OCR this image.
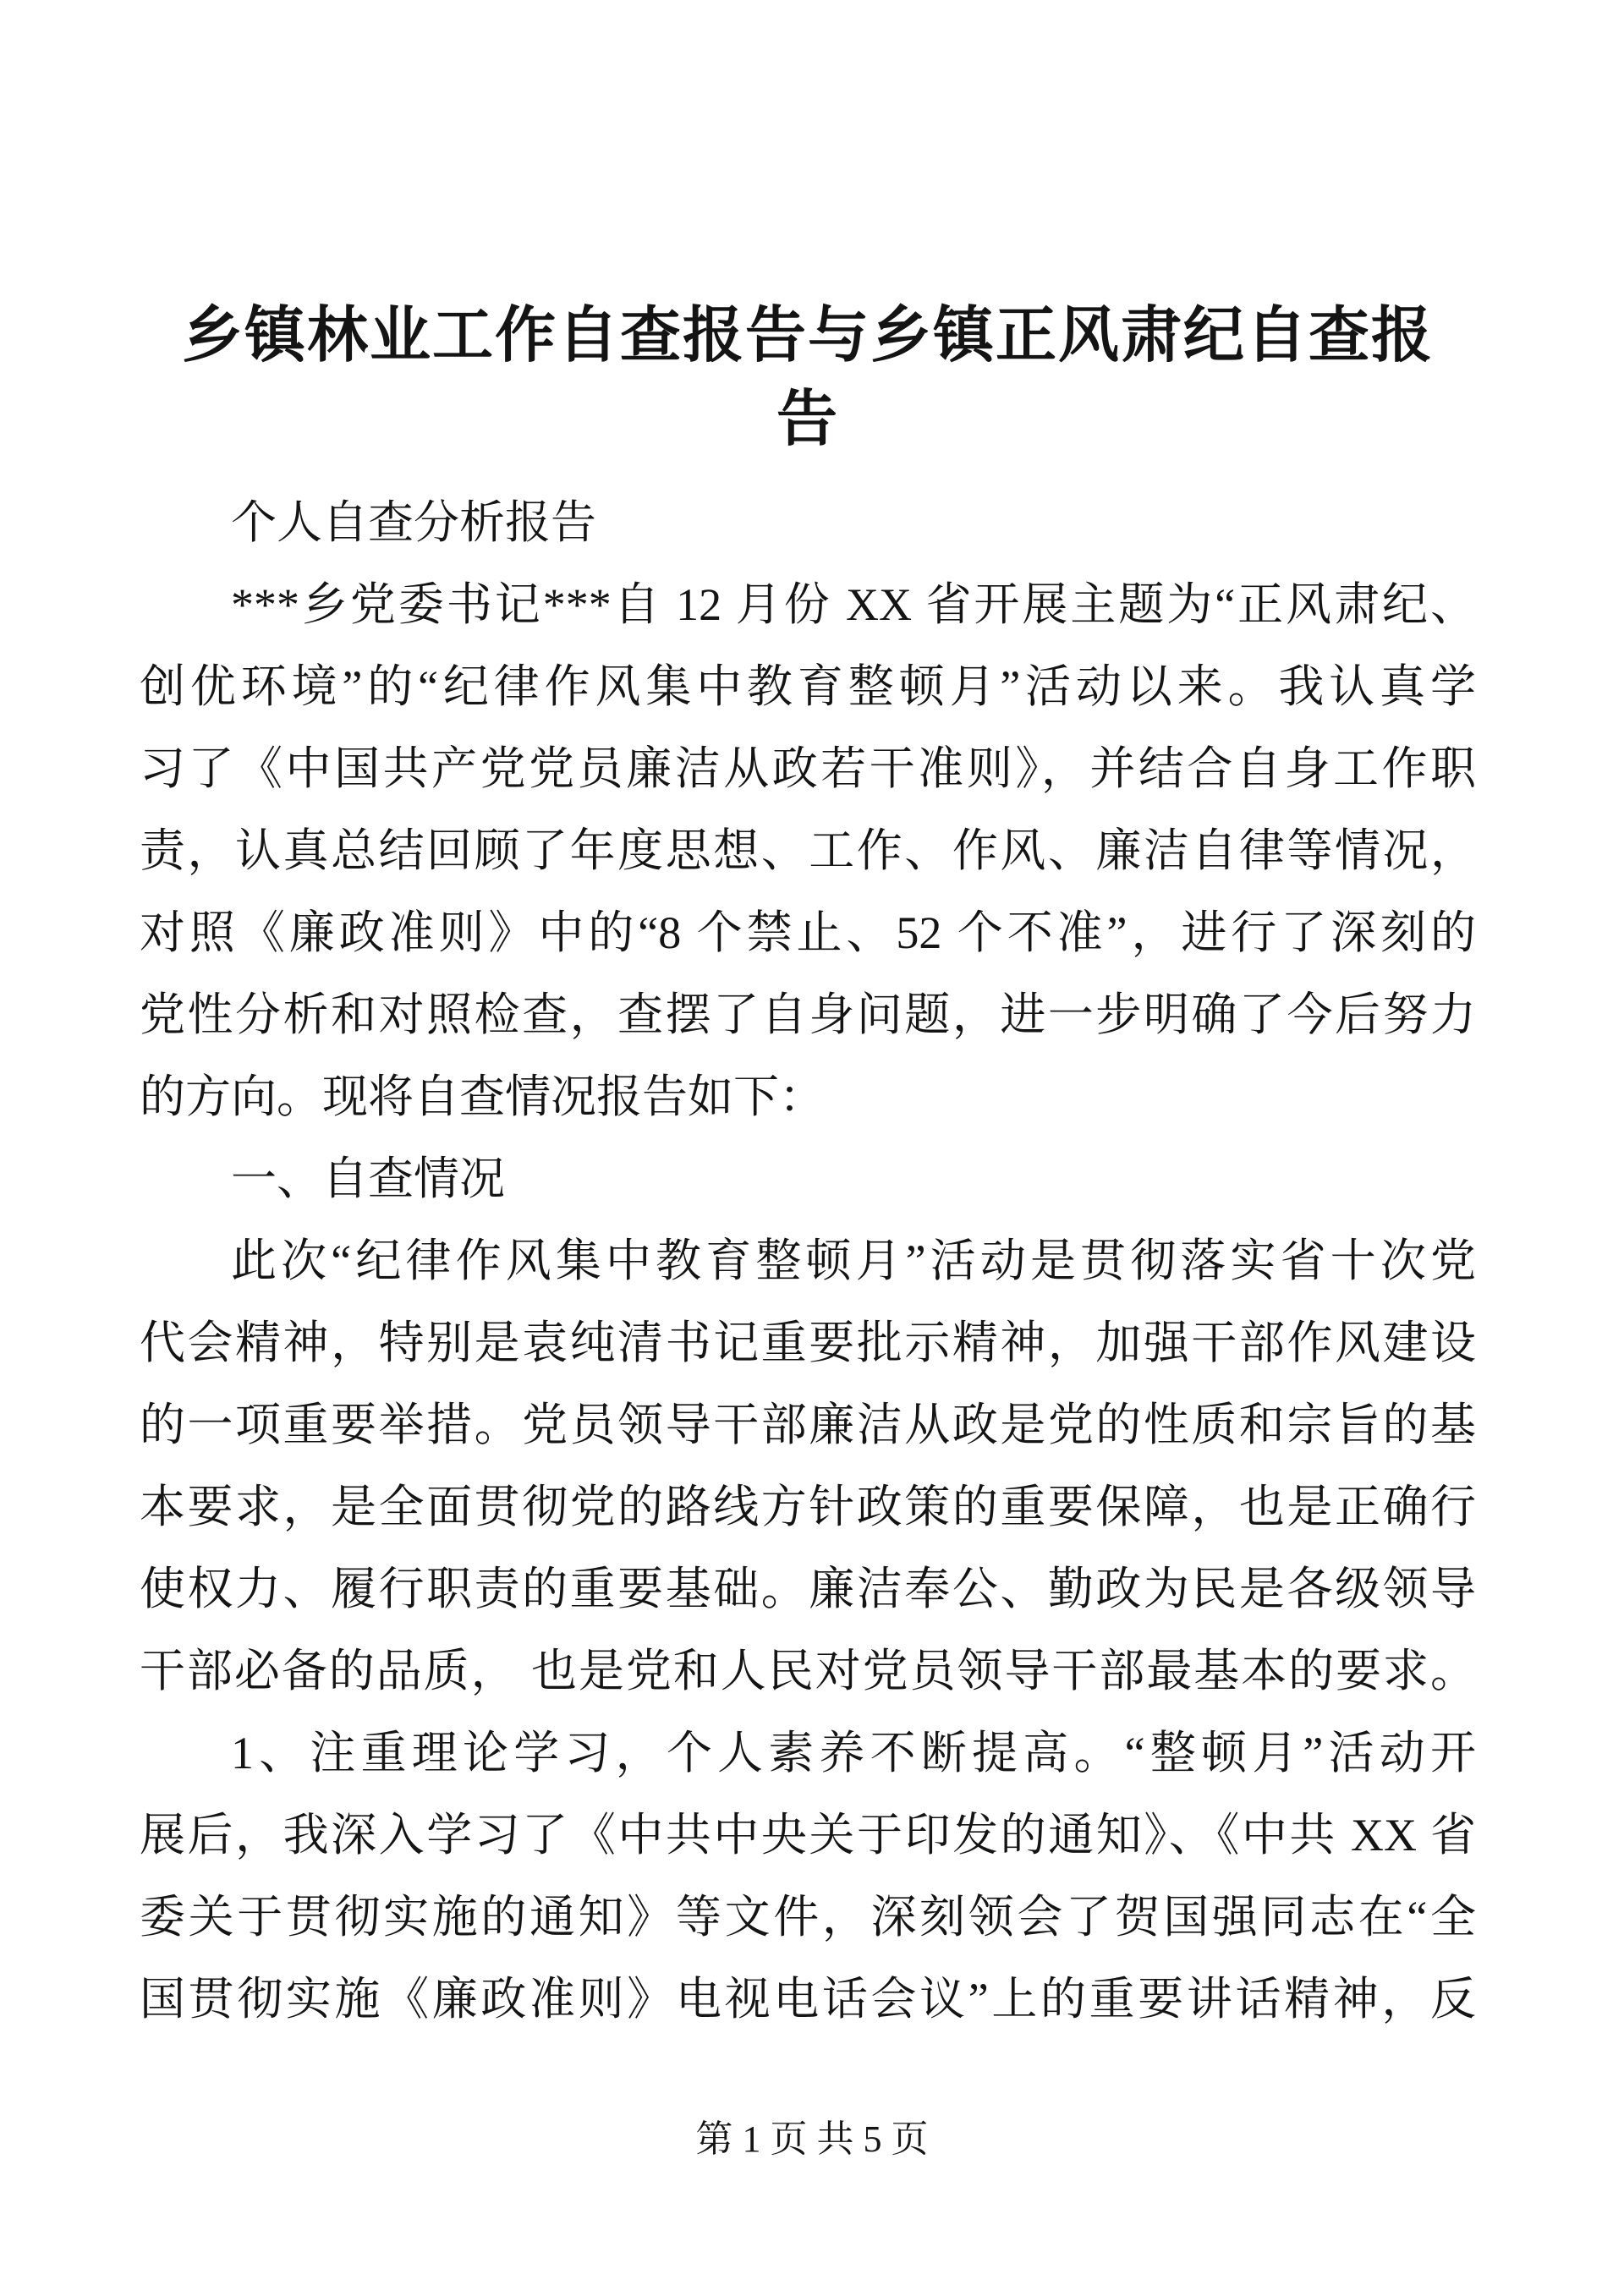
乡镇林业工作自查报告与乡镇正风肃纪自查报
告
个人自查分析报告
***乡党委书记***自 12 月份 XX 省开展主题为“正风肃纪、
创优环境”的“纪律作风集中教育整顿月”活动以来。我认真学
习了《中国共产党党员廉洁从政若干准则》，并结合自身工作职
责，认真总结回顾了年度思想、工作、作风、廉洁自律等情况，
对照《廉政准则》中的“8 个禁止、52 个不准”，进行了深刻的
党性分析和对照检查，查摆了自身问题，进一步明确了今后努力
的方向。现将自查情况报告如下：
一、自查情况
此次“纪律作风集中教育整顿月”活动是贯彻落实省十次党
代会精神，特别是袁纯清书记重要批示精神，加强干部作风建设
的一项重要举措。党员领导干部廉洁从政是党的性质和宗旨的基
本要求，是全面贯彻党的路线方针政策的重要保障，也是正确行
使权力、履行职责的重要基础。廉洁奉公、勤政为民是各级领导
干部必备的品质， 也是党和人民对党员领导干部最基本的要求。
1、注重理论学习，个人素养不断提高。“整顿月”活动开
展后，我深入学习了《中共中央关于印发的通知》、《中共 XX 省
委关于贯彻实施的通知》等文件，深刻领会了贺国强同志在“全
国贯彻实施《廉政准则》电视电话会议”上的重要讲话精神，反
第 1 页 共 5 页
